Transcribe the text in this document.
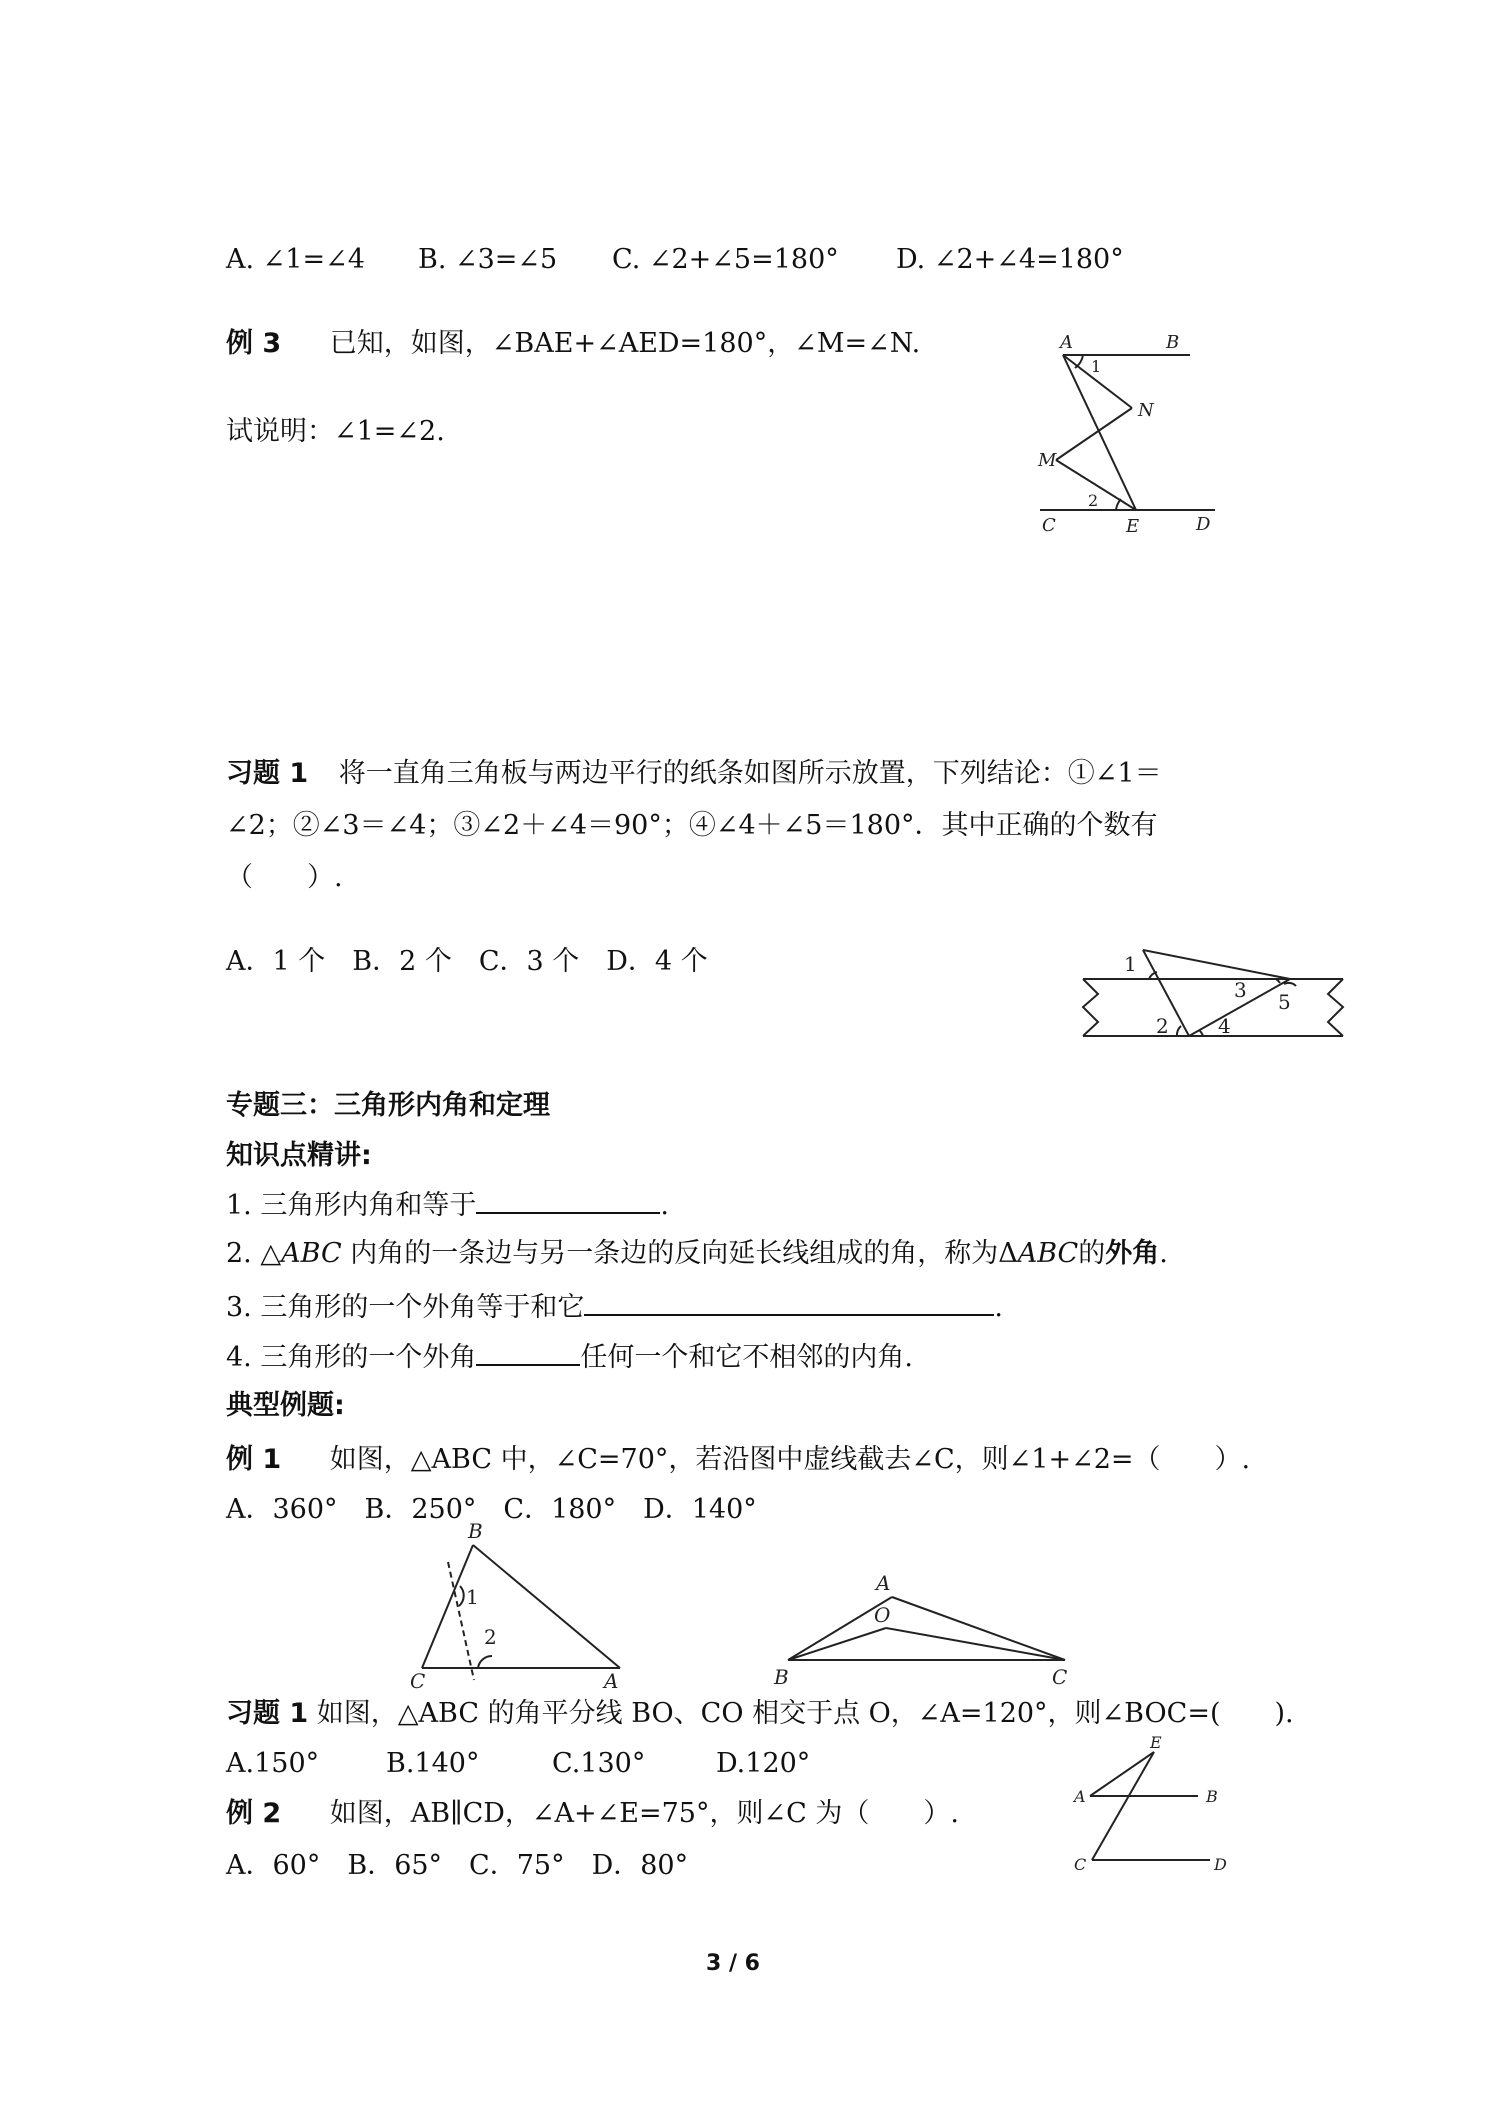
A. ∠1=∠4 B. ∠3=∠5 C. ∠2+∠5=180° D. ∠2+∠4=180°
例 3 已知，如图，∠BAE+∠AED=180°，∠M=∠N.
试说明：∠1=∠2.
A	B
N
M
C	E	D
1
2
习题 1 将一直角三角板与两边平行的纸条如图所示放置，下列结论：①∠1＝
∠2；②∠3＝∠4；③∠2＋∠4＝90°；④∠4＋∠5＝180°．其中正确的个数有
（　　）.
A．1 个　B．2 个　C．3 个　D．4 个	1
2
3
4
5
专题三：三角形内角和定理
知识点精讲:
1. 三角形内角和等于	.
2. △ABC 内角的一条边与另一条边的反向延长线组成的角，称为ΔABC的外角.
3. 三角形的一个外角等于和它	.
4. 三角形的一个外角	任何一个和它不相邻的内角.
典型例题:
例 1 如图，△ABC 中，∠C=70°，若沿图中虚线截去∠C，则∠1+∠2=（　　）.
A．360°　B．250°　C．180°　D．140°
B
C	A
1
2
A
O
B	C
习题 1 如图，△ABC 的角平分线 BO、CO 相交于点 O，∠A=120°，则∠BOC=(　　).
A.150° B.140°	C.130°	D.120°
例 2 如图，AB∥CD，∠A+∠E=75°，则∠C 为（　　）.
A．60°　B．65°　C．75°　D．80°
E
A	B
C	D
3 / 6
